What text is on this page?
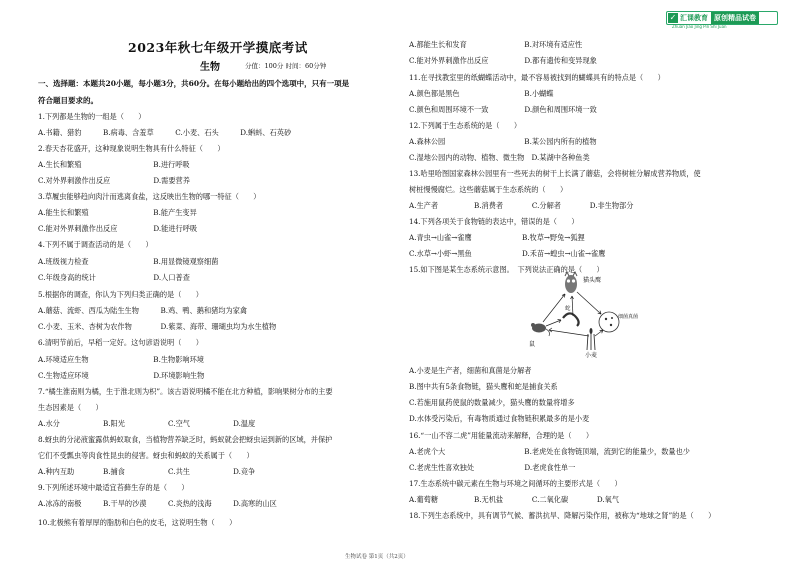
✓ 汇课教育 原创精品试卷
Zhuan Jiao Jing Pin Shi Juan
2023年秋七年级开学摸底考试
生物	分值：100分 时间：60分钟
一、选择题：本题共20小题，每小题3分，共60分。在每小题给出的四个选项中，只有一项是
符合题目要求的。
1.下列都是生物的一组是（　　）
A.书籍、猎豹　　　B.病毒、含羞草　　　C.小麦、石头　　　D.蝌蚪、石英砂
2.春天杏花盛开，这种现象说明生物具有什么特征（　　）
A.生长和繁殖　　　　　　　　　　B.进行呼吸
C.对外界刺激作出反应　　　　　　D.需要营养
3.草履虫能够趋向肉汁而逃离食盐，这反映出生物的哪一特征（　　）
A.能生长和繁殖　　　　　　　　　B.能产生变异
C.能对外界刺激作出反应　　　　　D.能进行呼吸
4.下列不属于调查活动的是（　　）
A.班级视力检查　　　　　　　　　B.用显微镜观察细菌
C.年级身高的统计　　　　　　　　D.人口普查
5.根据你的调查，你认为下列归类正确的是（　　）
A.蘑菇、流虾、西瓜为陆生生物　　　B.鸡、鸭、鹅和猪均为家禽
C.小麦、玉米、杏树为农作物　　　　D.紫菜、海带、珊瑚虫均为水生植物
6.清明节前后，早稻一定好。这句谚语说明（　　）
A.环境适应生物　　　　　　　　　B.生物影响环境
C.生物适应环境　　　　　　　　　D.环境影响生物
7.“橘生淮南则为橘，生于淮北则为枳”。该古语说明橘不能在北方种植，影响果树分布的主要
生态因素是（　　）
A.水分　　　　　　B.阳光　　　　　　C.空气　　　　　　D.温度
8.蚜虫的分泌液蜜露供蚂蚁取食，当植物营养缺乏时，蚂蚁就会把蚜虫运到新的区域，并保护
它们不受瓢虫等肉食性昆虫的侵害。蚜虫和蚂蚁的关系属于（　　）
A.种内互助　　　　B.捕食　　　　　　C.共生　　　　　　D.竞争
9.下列所述环境中最适宜苔藓生存的是（　　）
A.冰冻的南极　　　B.干旱的沙漠　　　C.炎热的浅海　　　D.高寒的山区
10.北极熊有着厚厚的脂肪和白色的皮毛，这说明生物（　　）
A.都能生长和发育　　　　　　　　B.对环境有适应性
C.能对外界刺激作出反应　　　　　D.都有遗传和变异现象
11.在寻找教室里的纸蝴蝶活动中，最不容易被找到的蝴蝶具有的特点是（　　）
A.颜色都是黑色　　　　　　　　　B.小蝴蝶
C.颜色和周围环境不一致　　　　　D.颜色和周围环境一致
12.下列属于生态系统的是（　　）
A.森林公园　　　　　　　　　　　B.某公园内所有的植物
C.湿地公园内的动物、植物、微生物　D.某湖中各种鱼类
13.哈里哈图国家森林公园里有一些死去的树干上长满了蘑菇，会将树桩分解成营养物质，使
树桩慢慢腐烂。这些蘑菇属于生态系统的（　　）
A.生产者　　　　　B.消费者　　　　C.分解者　　　　D.非生物部分
14.下列各项关于食物链的表达中，错误的是（　　）
A.青虫→山雀→雀鹰　　　　　　　B.牧草→野兔→狐狸
C.水草→小虾→黑鱼　　　　　　　D.禾苗→蝗虫→山雀→雀鹰
15.如下图是某生态系统示意图。　下列说法正确的是（　　）
A.小麦是生产者，细菌和真菌是分解者
B.图中共有5条食物链，猫头鹰和蛇是捕食关系
C.若施用鼠药使鼠的数量减少，猫头鹰的数量将增多
D.水体受污染后，有毒物质通过食物链积累最多的是小麦
16.“一山不容二虎”用能量流动来解释，合理的是（　　）
A.老虎个大　　　　　　　　　　　B.老虎处在食物链顶端，流到它的能量少，数量也少
C.老虎生性喜欢独处　　　　　　　D.老虎食性单一
17.生态系统中碳元素在生物与环境之间循环的主要形式是（　　）
A.葡萄糖　　　　　B.无机盐　　　　C.二氧化碳　　　　D.氧气
18.下列生态系统中，具有调节气候、蓄洪抗旱、降解污染作用，被称为“地球之肾”的是（　　）
猫头鹰
蛇
鼠
细菌真菌
小麦
生物试卷 第1页（共2页）
